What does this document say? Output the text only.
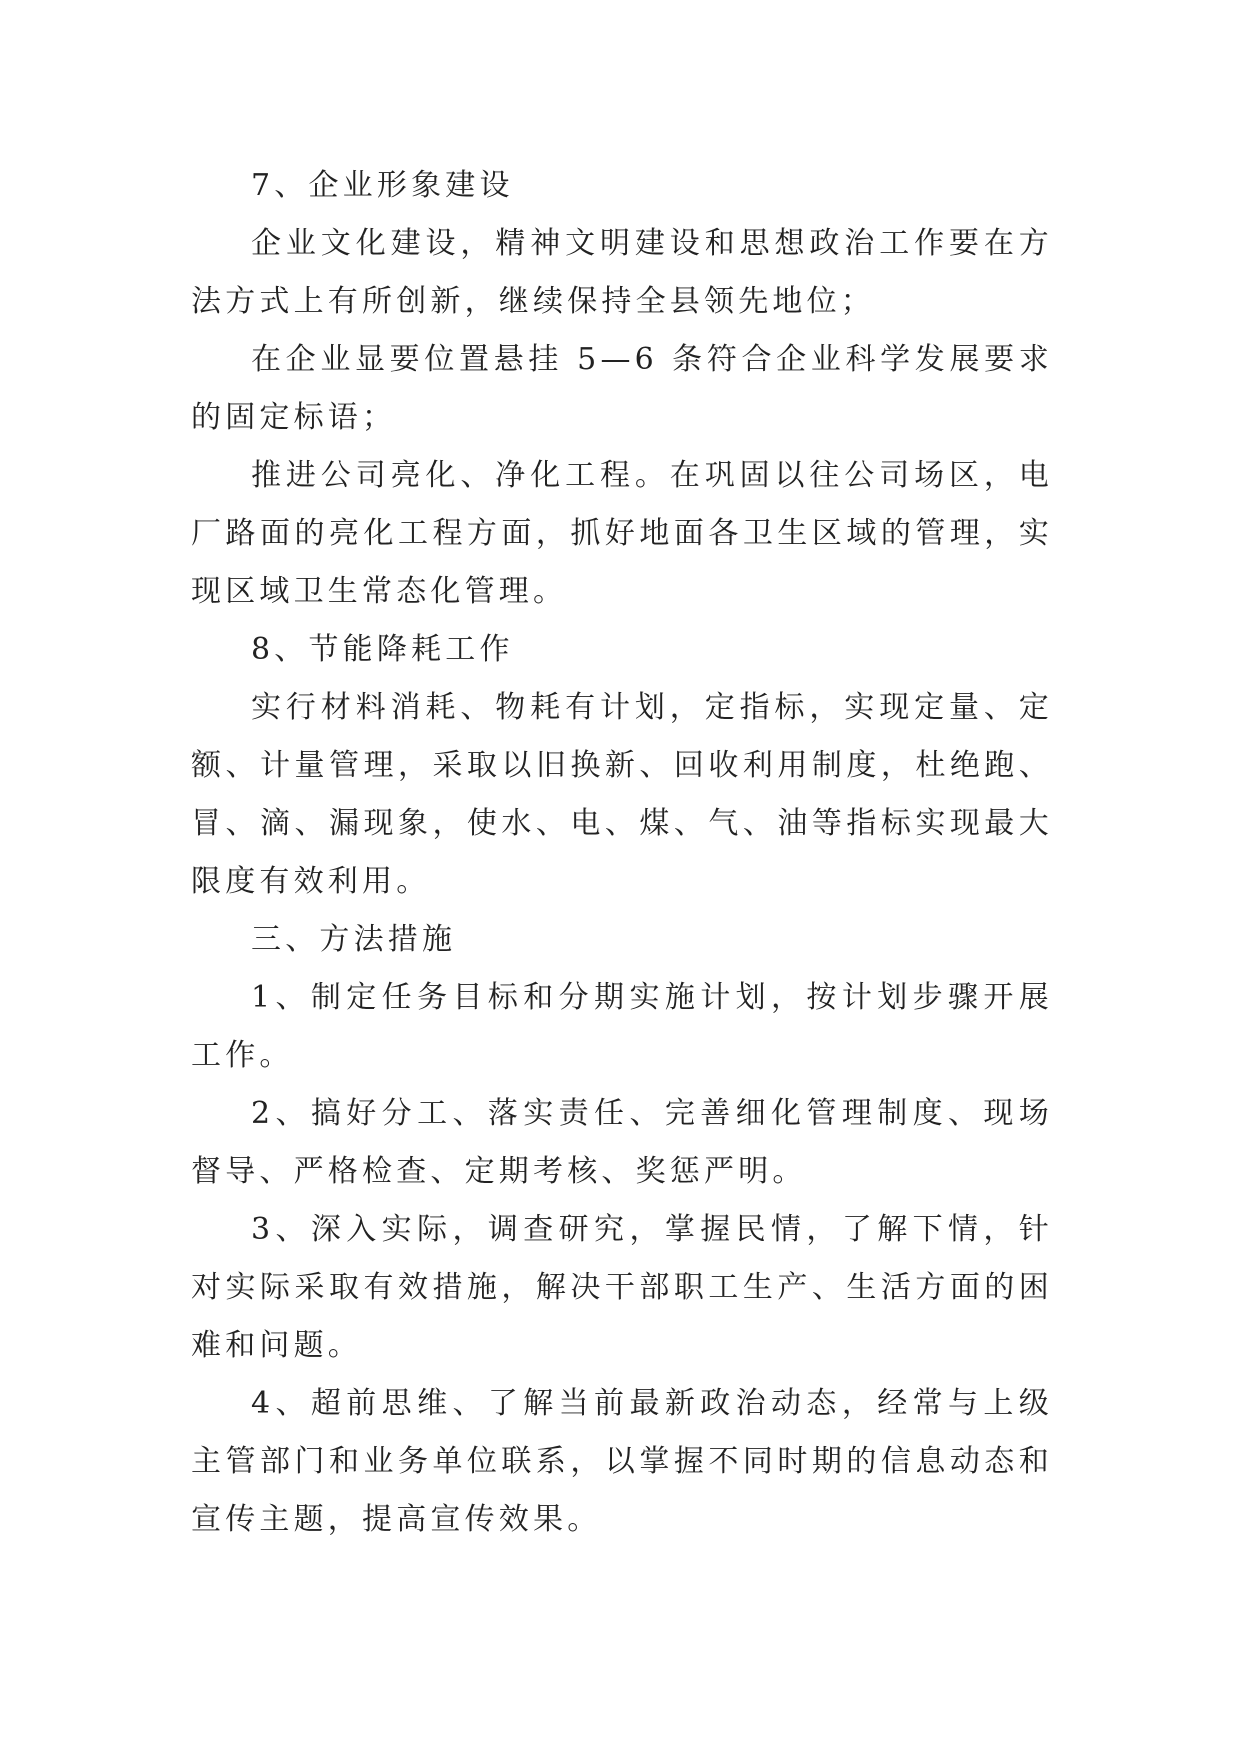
7、企业形象建设

企业文化建设，精神文明建设和思想政治工作要在方法方式上有所创新，继续保持全县领先地位；

在企业显要位置悬挂 5—6 条符合企业科学发展要求的固定标语；

推进公司亮化、净化工程。在巩固以往公司场区，电厂路面的亮化工程方面，抓好地面各卫生区域的管理，实现区域卫生常态化管理。

8、节能降耗工作

实行材料消耗、物耗有计划，定指标，实现定量、定额、计量管理，采取以旧换新、回收利用制度，杜绝跑、冒、滴、漏现象，使水、电、煤、气、油等指标实现最大限度有效利用。

三、方法措施

1、制定任务目标和分期实施计划，按计划步骤开展工作。

2、搞好分工、落实责任、完善细化管理制度、现场督导、严格检查、定期考核、奖惩严明。

3、深入实际，调查研究，掌握民情，了解下情，针对实际采取有效措施，解决干部职工生产、生活方面的困难和问题。

4、超前思维、了解当前最新政治动态，经常与上级主管部门和业务单位联系，以掌握不同时期的信息动态和宣传主题，提高宣传效果。
